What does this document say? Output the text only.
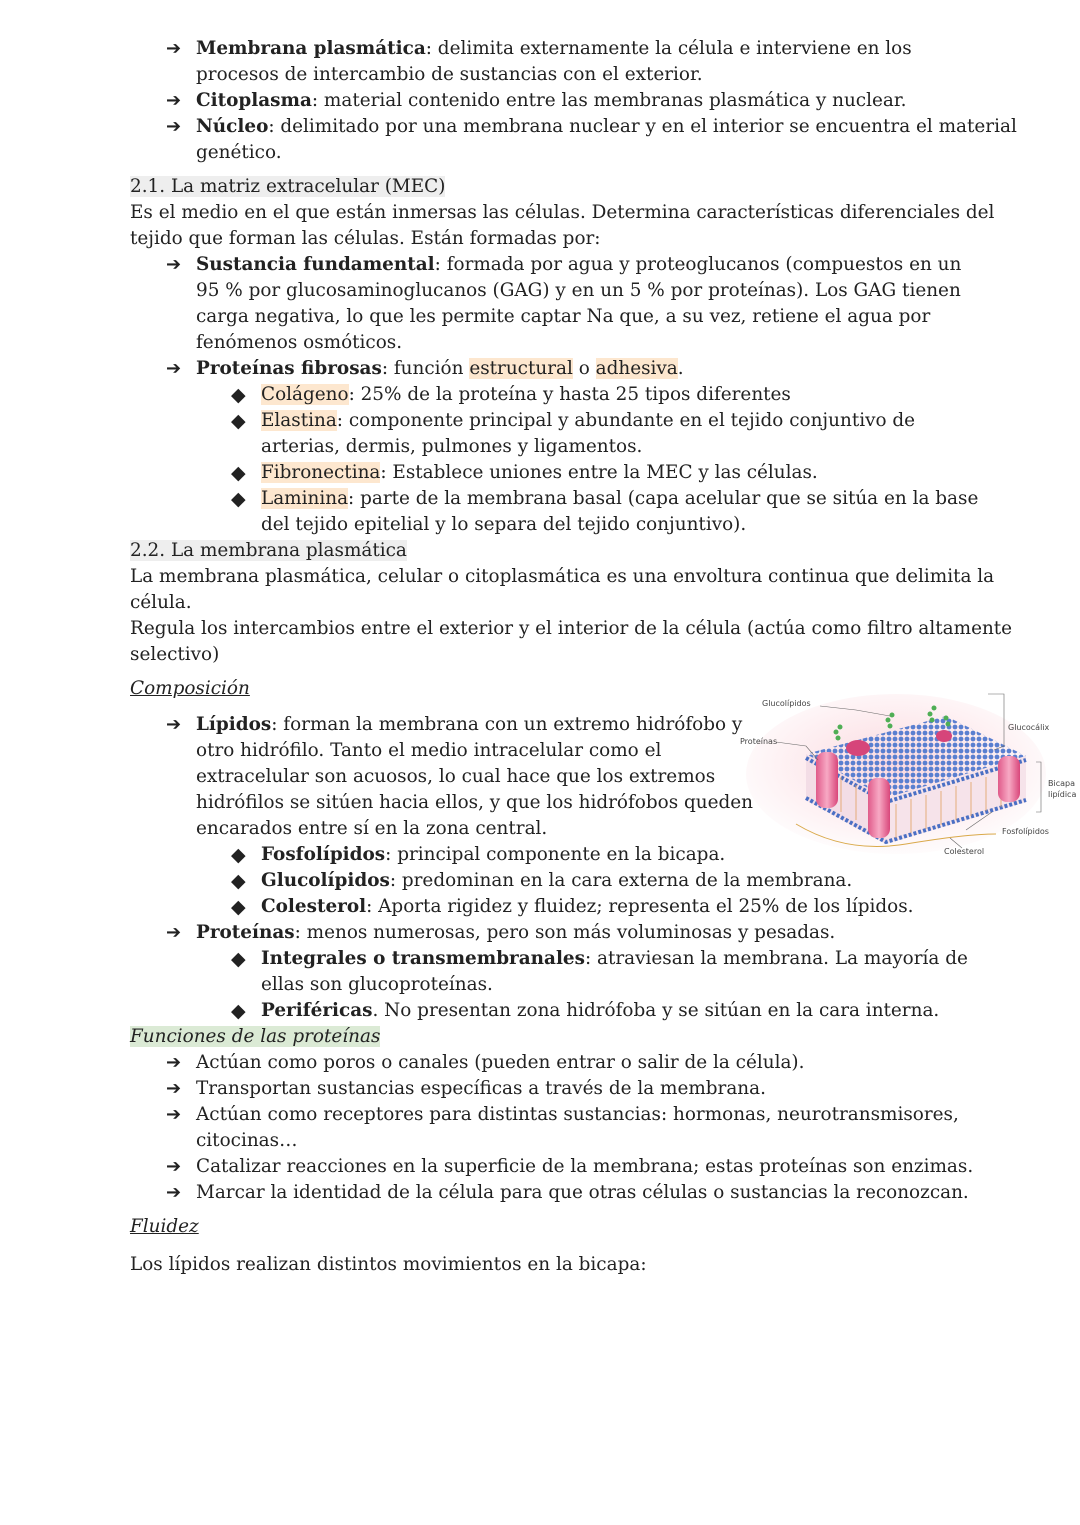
➔ Membrana plasmática: delimita externamente la célula e interviene en los
procesos de intercambio de sustancias con el exterior.
➔ Citoplasma: material contenido entre las membranas plasmática y nuclear.
➔ Núcleo: delimitado por una membrana nuclear y en el interior se encuentra el material
genético.
2.1. La matriz extracelular (MEC)
Es el medio en el que están inmersas las células. Determina características diferenciales del
tejido que forman las células. Están formadas por:
➔ Sustancia fundamental: formada por agua y proteoglucanos (compuestos en un
95 % por glucosaminoglucanos (GAG) y en un 5 % por proteínas). Los GAG tienen
carga negativa, lo que les permite captar Na que, a su vez, retiene el agua por
fenómenos osmóticos.
➔ Proteínas fibrosas: función estructural o adhesiva.
◆ Colágeno: 25% de la proteína y hasta 25 tipos diferentes
◆ Elastina: componente principal y abundante en el tejido conjuntivo de
arterias, dermis, pulmones y ligamentos.
◆ Fibronectina: Establece uniones entre la MEC y las células.
◆ Laminina: parte de la membrana basal (capa acelular que se sitúa en la base
del tejido epitelial y lo separa del tejido conjuntivo).
2.2. La membrana plasmática
La membrana plasmática, celular o citoplasmática es una envoltura continua que delimita la
célula.
Regula los intercambios entre el exterior y el interior de la célula (actúa como filtro altamente
selectivo)
Composición
➔ Lípidos: forman la membrana con un extremo hidrófobo y
otro hidrófilo. Tanto el medio intracelular como el
extracelular son acuosos, lo cual hace que los extremos
hidrófilos se sitúen hacia ellos, y que los hidrófobos queden
encarados entre sí en la zona central.
◆ Fosfolípidos: principal componente en la bicapa.
◆ Glucolípidos: predominan en la cara externa de la membrana.
◆ Colesterol: Aporta rigidez y fluidez; representa el 25% de los lípidos.
➔ Proteínas: menos numerosas, pero son más voluminosas y pesadas.
◆ Integrales o transmembranales: atraviesan la membrana. La mayoría de
ellas son glucoproteínas.
◆ Periféricas. No presentan zona hidrófoba y se sitúan en la cara interna.
Funciones de las proteínas
➔ Actúan como poros o canales (pueden entrar o salir de la célula).
➔ Transportan sustancias específicas a través de la membrana.
➔ Actúan como receptores para distintas sustancias: hormonas, neurotransmisores,
citocinas…
➔ Catalizar reacciones en la superficie de la membrana; estas proteínas son enzimas.
➔ Marcar la identidad de la célula para que otras células o sustancias la reconozcan.
Fluidez
Los lípidos realizan distintos movimientos en la bicapa:
Glucolípidos
Proteínas
Glucocálix
Bicapa
lipídica
Fosfolípidos
Colesterol
